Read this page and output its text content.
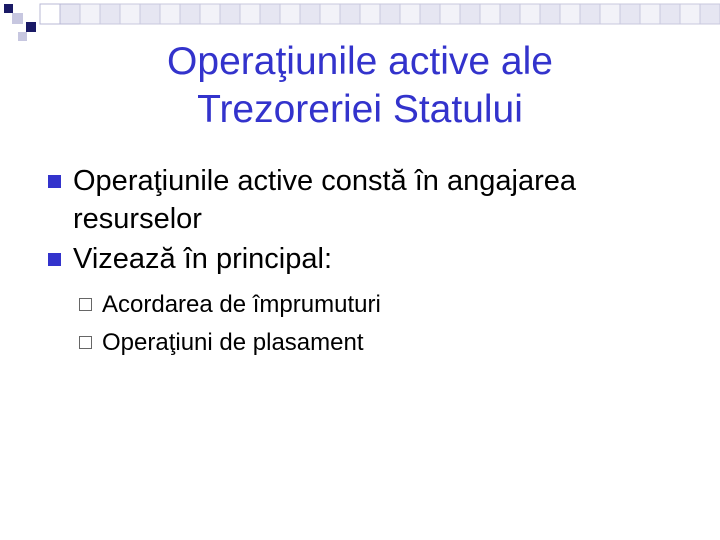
Operaţiunile active ale
Trezoreriei Statului
Operaţiunile active constă în angajarea resurselor
Vizează în principal:
Acordarea de împrumuturi
Operaţiuni de plasament
